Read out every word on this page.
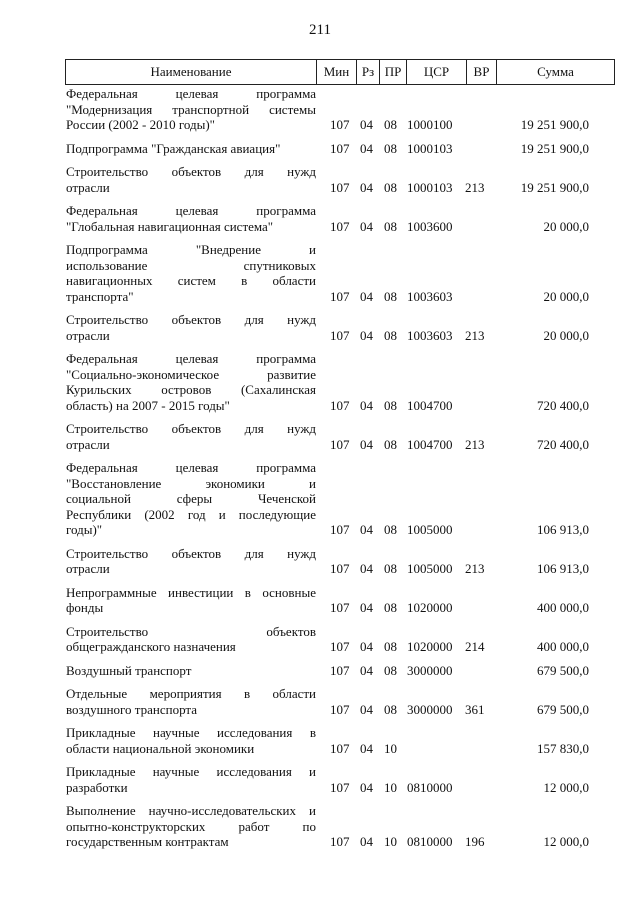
211
Наименование	Мин Рз ПР	ЦСР	ВР	Сумма
Федеральная целевая программа
"Модернизация транспортной системы
России (2002 - 2010 годы)"	107 04 08 1000100	19 251 900,0
Подпрограмма "Гражданская авиация"	107 04 08 1000103	19 251 900,0
Строительство объектов для нужд
отрасли	107 04 08 1000103 213	19 251 900,0
Федеральная целевая программа
"Глобальная навигационная система"	107 04 08 1003600	20 000,0
Подпрограмма "Внедрение и
использование спутниковых
навигационных систем в области
транспорта"	107 04 08 1003603	20 000,0
Строительство объектов для нужд
отрасли	107 04 08 1003603 213	20 000,0
Федеральная целевая программа
"Социально-экономическое развитие
Курильских островов (Сахалинская
область) на 2007 - 2015 годы"	107 04 08 1004700	720 400,0
Строительство объектов для нужд
отрасли	107 04 08 1004700 213	720 400,0
Федеральная целевая программа
"Восстановление экономики и
социальной сферы Чеченской
Республики (2002 год и последующие
годы)"	107 04 08 1005000	106 913,0
Строительство объектов для нужд
отрасли	107 04 08 1005000 213	106 913,0
Непрограммные инвестиции в основные
фонды	107 04 08 1020000	400 000,0
Строительство объектов
общегражданского назначения	107 04 08 1020000 214	400 000,0
Воздушный транспорт	107 04 08 3000000	679 500,0
Отдельные мероприятия в области
воздушного транспорта	107 04 08 3000000 361	679 500,0
Прикладные научные исследования в
области национальной экономики	107 04 10	157 830,0
Прикладные научные исследования и
разработки	107 04 10 0810000	12 000,0
Выполнение научно-исследовательских и
опытно-конструкторских работ по
государственным контрактам	107 04 10 0810000 196	12 000,0
